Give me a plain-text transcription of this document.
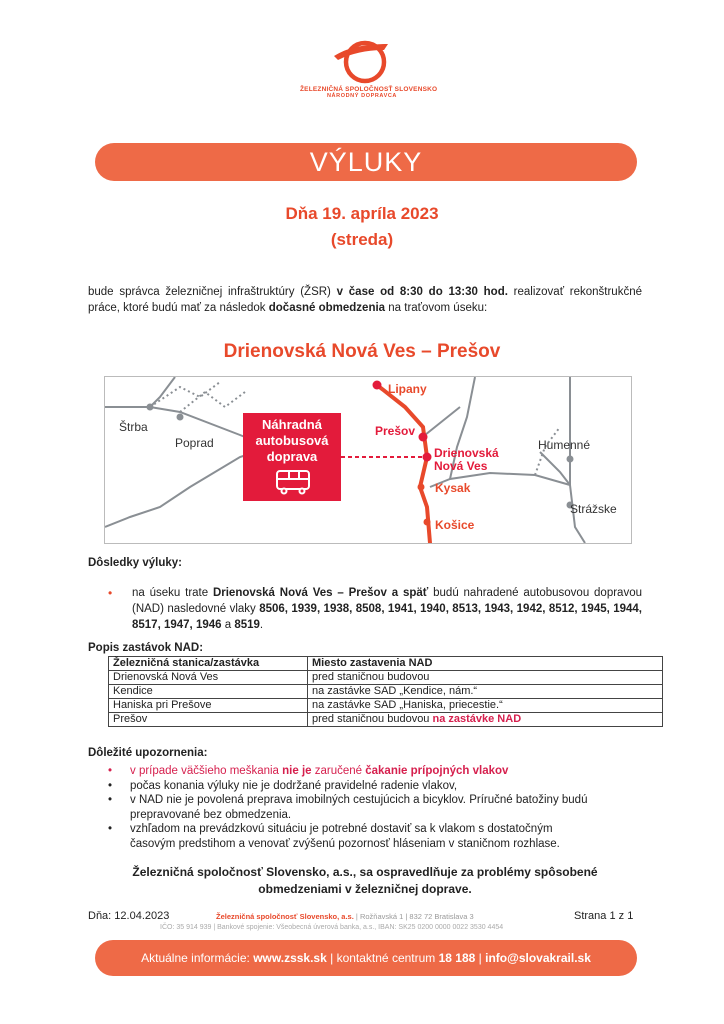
ŽELEZNIČNÁ SPOLOČNOSŤ SLOVENSKO
NÁRODNÝ DOPRAVCA
VÝLUKY
Dňa 19. apríla 2023
(streda)
bude správca železničnej infraštruktúry (ŽSR) v čase od 8:30 do 13:30 hod. realizovať rekonštrukčné práce, ktoré budú mať za následok dočasné obmedzenia na traťovom úseku:
Drienovská Nová Ves – Prešov
Náhradná
autobusová
doprava
Lipany
Prešov
Drienovská
Nová Ves
Kysak
Košice
Štrba
Poprad	Humenné
Strážske
Dôsledky výluky:
• na úseku trate Drienovská Nová Ves – Prešov a späť budú nahradené autobusovou dopravou (NAD) nasledovné vlaky 8506, 1939, 1938, 8508, 1941, 1940, 8513, 1943, 1942, 8512, 1945, 1944, 8517, 1947, 1946 a 8519.
Popis zastávok NAD:
Železničná stanica/zastávka	Miesto zastavenia NAD
Drienovská Nová Ves	pred staničnou budovou
Kendice	na zastávke SAD „Kendice, nám.“
Haniska pri Prešove	na zastávke SAD „Haniska, priecestie.“
Prešov	pred staničnou budovou na zastávke NAD
Dôležité upozornenia:
• v prípade väčšieho meškania nie je zaručené čakanie prípojných vlakov
• počas konania výluky nie je dodržané pravidelné radenie vlakov,
• v NAD nie je povolená preprava imobilných cestujúcich a bicyklov. Príručné batožiny budú
prepravované bez obmedzenia.
• vzhľadom na prevádzkovú situáciu je potrebné dostaviť sa k vlakom s dostatočným
časovým predstihom a venovať zvýšenú pozornosť hláseniam v staničnom rozhlase.
Železničná spoločnosť Slovensko, a.s., sa ospravedlňuje za problémy spôsobené
obmedzeniami v železničnej doprave.
Dňa: 12.04.2023	Železničná spoločnosť Slovensko, a.s. | Rožňavská 1 | 832 72 Bratislava 3
IČO: 35 914 939 | Bankové spojenie: Všeobecná úverová banka, a.s., IBAN: SK25 0200 0000 0022 3530 4454
Strana 1 z 1
Aktuálne informácie: www.zssk.sk | kontaktné centrum 18 188 | info@slovakrail.sk
